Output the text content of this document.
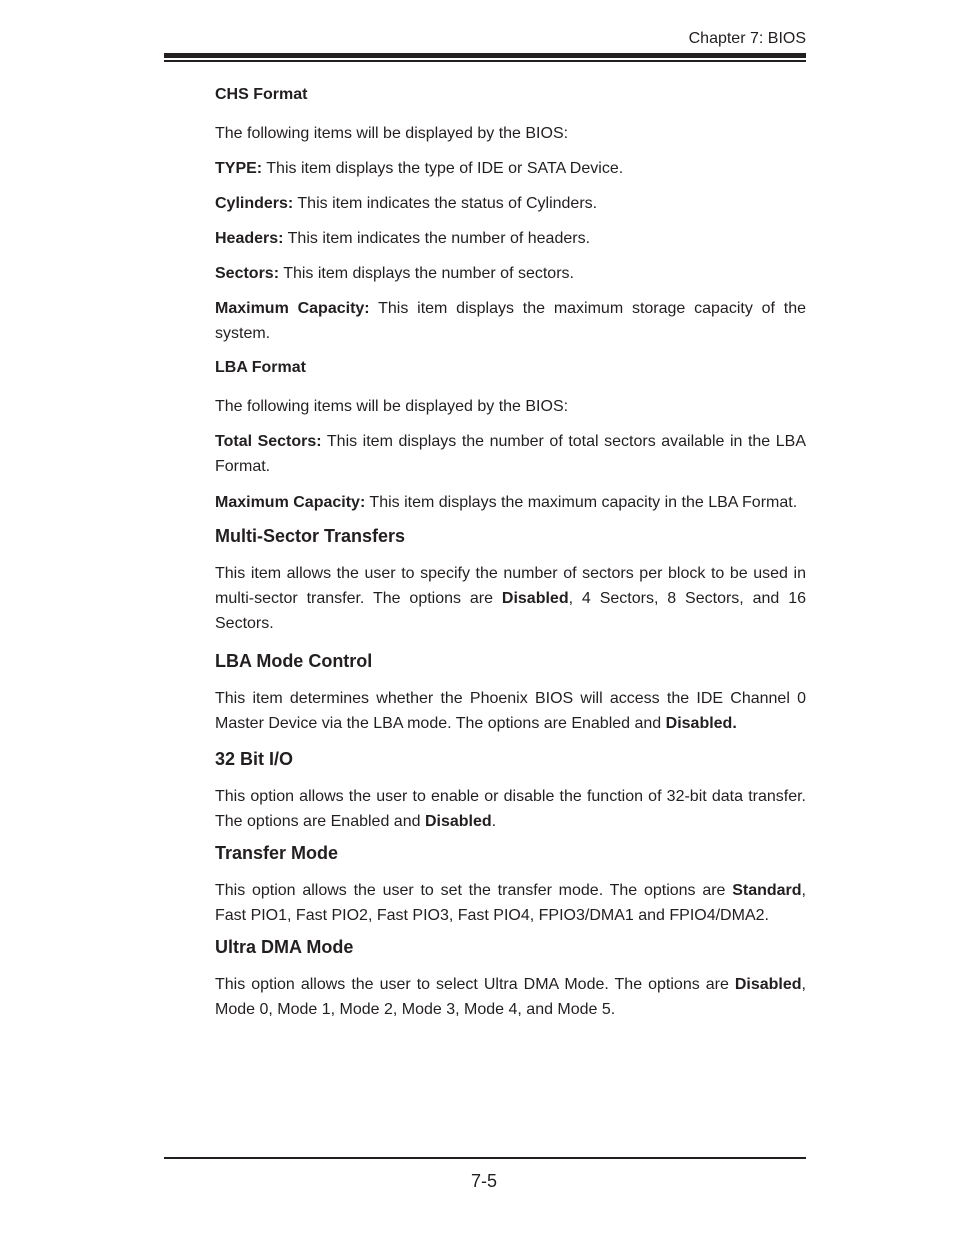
Chapter 7: BIOS
CHS Format

The following items will be displayed by the BIOS:

TYPE: This item displays the type of IDE or SATA Device.

Cylinders: This item indicates the status of Cylinders.

Headers: This item indicates the number of headers.

Sectors: This item displays the number of sectors.

Maximum Capacity: This item displays the maximum storage capacity of the system.

LBA Format

The following items will be displayed by the BIOS:

Total Sectors: This item displays the number of total sectors available in the LBA Format.

Maximum Capacity: This item displays the maximum capacity in the LBA Format.

Multi-Sector Transfers

This item allows the user to specify the number of sectors per block to be used in multi-sector transfer. The options are Disabled, 4 Sectors, 8 Sectors, and 16 Sectors.

LBA Mode Control

This item determines whether the Phoenix BIOS will access the IDE Channel 0 Master Device via the LBA mode. The options are Enabled and Disabled.

32 Bit I/O

This option allows the user to enable or disable the function of 32-bit data transfer. The options are Enabled and Disabled.

Transfer Mode

This option allows the user to set the transfer mode. The options are Standard, Fast PIO1, Fast PIO2, Fast PIO3, Fast PIO4, FPIO3/DMA1 and FPIO4/DMA2.

Ultra DMA Mode

This option allows the user to select Ultra DMA Mode. The options are Disabled, Mode 0, Mode 1, Mode 2, Mode 3, Mode 4, and Mode 5.

7-5
